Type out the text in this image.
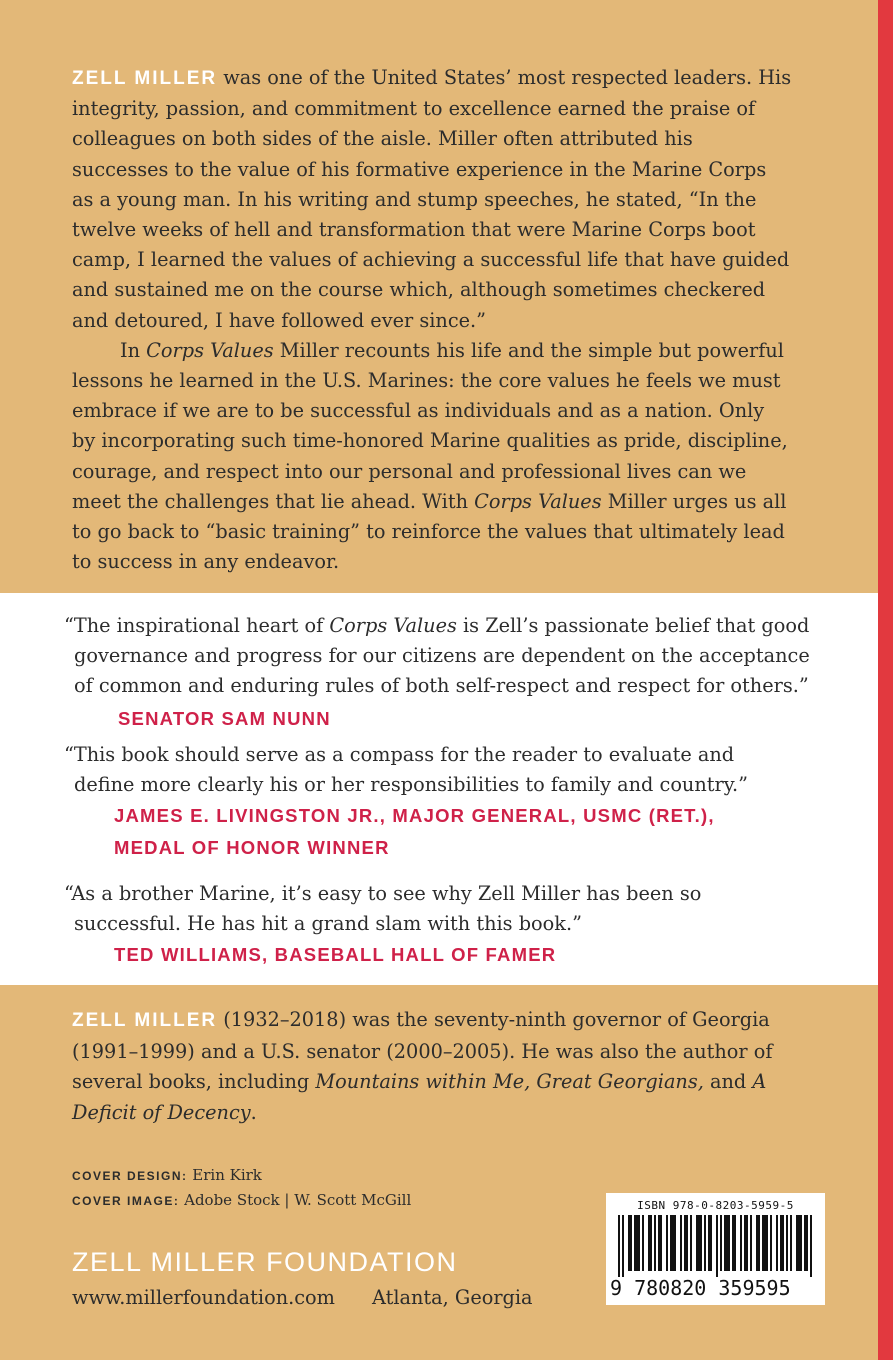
ZELL MILLER was one of the United States’ most respected leaders. His integrity, passion, and commitment to excellence earned the praise of colleagues on both sides of the aisle. Miller often attributed his successes to the value of his formative experience in the Marine Corps as a young man. In his writing and stump speeches, he stated, “In the twelve weeks of hell and transformation that were Marine Corps boot camp, I learned the values of achieving a successful life that have guided and sustained me on the course which, although sometimes checkered and detoured, I have followed ever since.”

In Corps Values Miller recounts his life and the simple but powerful lessons he learned in the U.S. Marines: the core values he feels we must embrace if we are to be successful as individuals and as a nation. Only by incorporating such time-honored Marine qualities as pride, discipline, courage, and respect into our personal and professional lives can we meet the challenges that lie ahead. With Corps Values Miller urges us all to go back to “basic training” to reinforce the values that ultimately lead to success in any endeavor.

“The inspirational heart of Corps Values is Zell’s passionate belief that good
governance and progress for our citizens are dependent on the acceptance
of common and enduring rules of both self-respect and respect for others.”
SENATOR SAM NUNN
“This book should serve as a compass for the reader to evaluate and
define more clearly his or her responsibilities to family and country.”
JAMES E. LIVINGSTON JR., MAJOR GENERAL, USMC (RET.),
MEDAL OF HONOR WINNER
“As a brother Marine, it’s easy to see why Zell Miller has been so
successful. He has hit a grand slam with this book.”
TED WILLIAMS, BASEBALL HALL OF FAMER

ZELL MILLER (1932–2018) was the seventy-ninth governor of Georgia (1991–1999) and a U.S. senator (2000–2005). He was also the author of several books, including Mountains within Me, Great Georgians, and A Deficit of Decency.

COVER DESIGN: Erin Kirk
COVER IMAGE: Adobe Stock | W. Scott McGill
ZELL MILLER FOUNDATION
www.millerfoundation.com Atlanta, Georgia
ISBN 978-0-8203-5959-5
9 780820 359595
